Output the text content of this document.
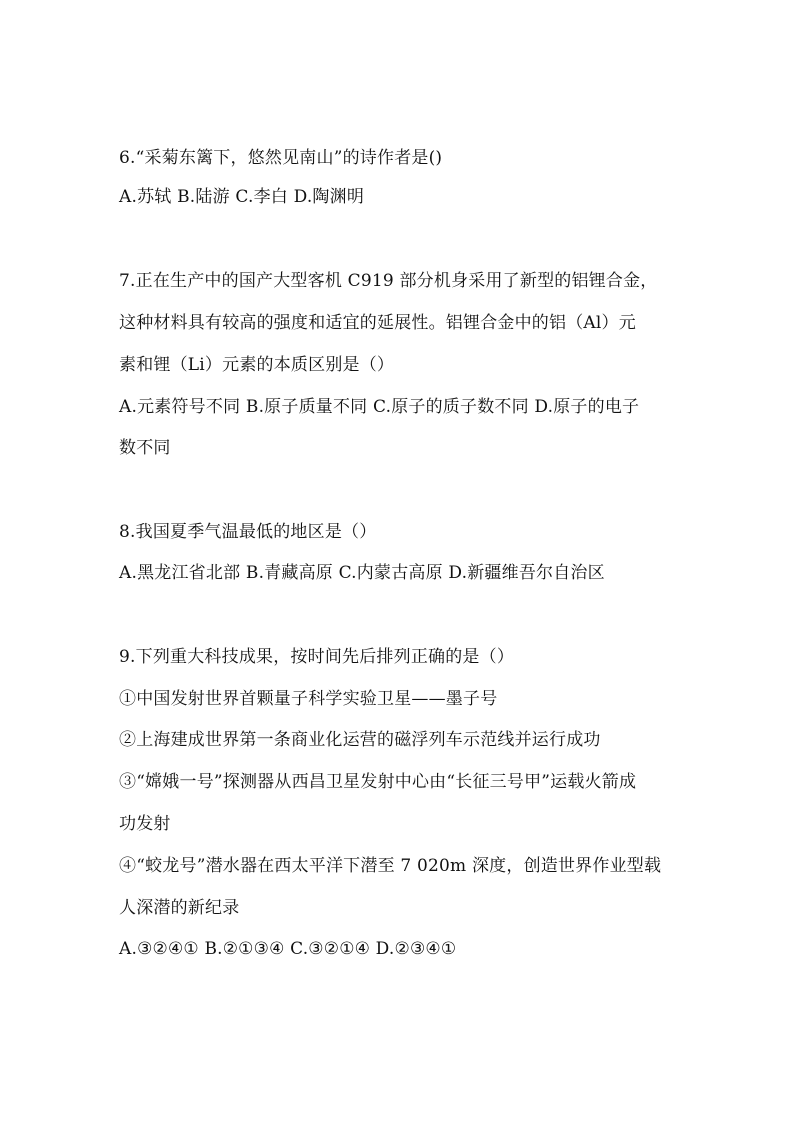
6.“采菊东篱下，悠然见南山”的诗作者是()
A.苏轼 B.陆游 C.李白 D.陶渊明
7.正在生产中的国产大型客机 C919 部分机身采用了新型的铝锂合金，
这种材料具有较高的强度和适宜的延展性。铝锂合金中的铝（Al）元
素和锂（Li）元素的本质区别是（）
A.元素符号不同 B.原子质量不同 C.原子的质子数不同 D.原子的电子
数不同
8.我国夏季气温最低的地区是（）
A.黑龙江省北部 B.青藏高原 C.内蒙古高原 D.新疆维吾尔自治区
9.下列重大科技成果，按时间先后排列正确的是（）
①中国发射世界首颗量子科学实验卫星——墨子号
②上海建成世界第一条商业化运营的磁浮列车示范线并运行成功
③“嫦娥一号”探测器从西昌卫星发射中心由“长征三号甲”运载火箭成
功发射
④“蛟龙号”潜水器在西太平洋下潜至 7 020m 深度，创造世界作业型载
人深潜的新纪录
A.③②④① B.②①③④ C.③②①④ D.②③④①
